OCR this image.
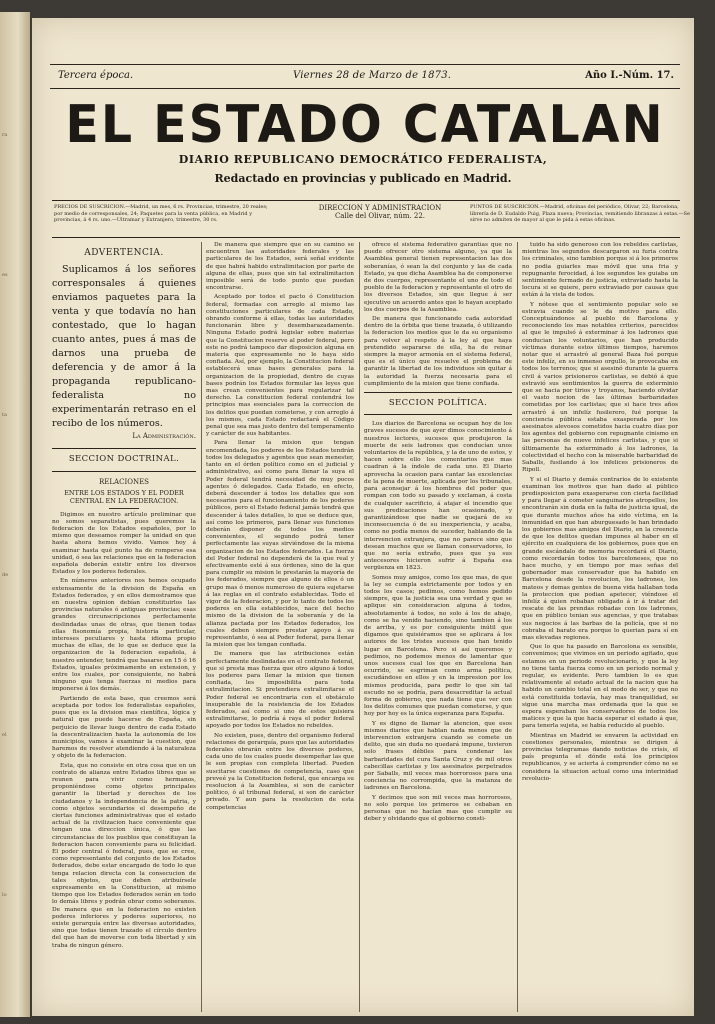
ra
es
ta
de
el
lo
Tercera época.	Viernes 28 de Marzo de 1873.	Año I.-Núm. 17.
EL ESTADO CATALAN
DIARIO REPUBLICANO DEMOCRÁTICO FEDERALISTA,
Redactado en provincias y publicado en Madrid.
PRECIOS DE SUSCRICION.—Madrid, un mes, 6 rs. Provincias, trimestre, 20 reales; por medio de corresponsales, 24; Paquetes para la venta pública, en Madrid y provincias, á 4 rs. uno.—Ultramar y Extranjero, trimestre, 30 rs.
DIRECCION Y ADMINISTRACION
Calle del Olivar, núm. 22.
PUNTOS DE SUSCRICION.—Madrid, oficinas del periódico, Olivar, 22; Barcelona, librería de D. Eudaldo Puig, Plaza nueva; Provincias, remitiendo libranzas á estas.—Se sirve no admiten de mayor al que le pida á estas oficinas.
ADVERTENCIA.

Suplicamos á los señores corresponsales á quienes enviamos paquetes para la venta y que todavía no han contestado, que lo hagan cuanto antes, pues á mas de darnos una prueba de deferencia y de amor á la propaganda republicano-federalista no experimentarán retraso en el recibo de los números.

La Administración.
SECCION DOCTRINAL.
RELACIONES
ENTRE LOS ESTADOS Y EL PODER CENTRAL EN LA FEDERACION.

Digimos en nuestro artículo preliminar que no somos separatistas, pues queremos la federacion de los Estados españoles, por lo mismo que deseamos romper la unidad en que hasta ahora hemos vivido. Vamos hoy á examinar hasta qué punto ha de romperse esa unidad, ó sea las relaciones que en la federacion española deberán existir entre los diversos Estados y los poderes federales.

En números anteriores nos hemos ocupado extensamente de la division de España en Estados federados, y en ellos demostramos que en nuestra opinion debían constituirlos las provincias naturales ó antiguas provincias; esas grandes circunscripciones perfectamente deslindadas unas de otras, que tienen todas ellas fisonomía propia, historia particular, intereses peculiares y hasta idioma propio muchas de ellas, de lo que se deduce que la organizacion de la federacion española, á nuestro entender, tendrá que basarse en 15 ó 16 Estados, iguales próximamente en extension, y entre los cuales, por consiguiente, no habrá ninguno que tenga fuerzas ni medios para imponerse á los demás.

Partiendo de esta base, que creemos será aceptada por todos los federalistas españoles, pues que es la division mas científica, lógica y natural que puede hacerse de España, sin perjuicio de llevar luego dentro de cada Estado la descentralizacion hasta la autonomía de los municipios, vamos á examinar la cuestion, que haremos de resolver atendiendo á la naturaleza y objeto de la federacion.

Esta, que no consiste en otra cosa que en un contrato de alianza entre Estados libres que se reunen para vivir como hermanos, proponiéndose como objetos principales garantir la libertad y derechos de los ciudadanos y la independencia de la patria, y como objetos secundarios el desempeño de ciertas funciones administrativas que el estado actual de la civilizacion hace conveniente que tengan una direccion única, ó que las circunstancias de los pueblos que constituyan la federacion hacen conveniente para su felicidad. El poder central ó federal, pues, que se cree, como representante del conjunto de los Estados federados, debe estar encargado de todo lo que tenga relacion directa con la consecucion de tales objetos, que deben atribuírsele expresamente en la Constitucion, al mismo tiempo que los Estados federados serán en todo lo demás libres y podrán obrar como soberanos. De manera que en la federacion no existen poderes inferiores y poderes superiores, no existe gerarquía entre las diversas autoridades, sino que todas tienen trazado el círculo dentro del que han de moverse con toda libertad y sin traba de ningun género.

De manera que siempre que en su camino se encuentren las autoridades federales y las particulares de los Estados, será señal evidente de que habrá habido extralimitacion por parte de alguna de ellas, pues que sin tal extralimitacion imposible será de todo punto que puedan encontrarse.

Aceptado por todos el pacto ó Constitucion federal, formadas con arreglo al mismo las constituciones particulares de cada Estado, obrando conforme á ellas, todas las autoridades funcionarán libre y desembarazadamente. Ninguna Estado podrá legislar sobre materias que la Constitucion reserve al poder federal, pero este no podrá tampoco dar disposicion alguna en materia que expresamente no le haya sido confiada. Así, por ejemplo, la Constitucion federal establecerá unas bases generales para la organizacion de la propiedad, dentro de cuyas bases podrán los Estados formular las leyes que mas crean convenientes para regularizar tal derecho. La constitucion federal contendrá los principios mas esenciales para la correccion de los delitos que puedan cometerse, y con arreglo á los mismos, cada Estado redactará el Código penal que sea mas justo dentro del temperamento y carácter de sus habitantes.

Para llenar la mision que tengan encomendada, los poderes de los Estados tendrán todos los delegados y agentes que sean menester, tanto en el órden político como en el judicial y administrativo, así como para llenar la suya el Poder federal tendrá necesidad de muy pocos agentes ó delegados. Cada Estado, en efecto, deberá descender á todos los detalles que son necesarios para el funcionamiento de los poderes públicos, pero el Estado federal jamás tendrá que descender á tales detalles, lo que se deduce que, así como los primeros, para llenar sus funciones deberán disponer de todos los medios convenientes, el segundo podrá tener perfectamente las suyas sirviéndose de la misma organizacion de los Estados federados. La fuerza del Poder federal no dependerá de la que real y efectivamente esté á sus órdenes, sino de la que para cumplir su mision le prestarán la mayoría de los federados, siempre que alguno de ellos ó un grupo mas ó menos numeroso de quiera sujetarse á las reglas en el contrato establecidas. Todo el vigor de la federacion, y por lo tanto de todos los poderes en ella establecidos, nace del hecho mismo de la division de la soberanía y de la alianza pactada por los Estados federados, los cuales deben siempre prestar apoyo á su representante, ó sea al Poder federal, para llenar la mision que les tengan confiada.

De manera que las atribuciones están perfectamente deslindadas en el contrato federal, que si presta mas fuerza que otro alguno á todos los poderes para llenar la mision que tienen confiada, les imposibilita para toda extralimitacion. Si pretendiera extralimitarse el Poder federal se encontraria con el obstáculo insuperable de la resistencia de los Estados federados, así como si uno de estos quisiera extralimitarse, lo podría á raya el poder federal apoyado por todos los Estados no rebeldes.

No existen, pues, dentro del organismo federal relaciones de gerarquía, pues que las autoridades federales obrarán entre los diversos poderes, cada uno de los cuales puede desempeñar las que le son propias con completa libertad. Pueden suscitarse cuestiones de competencia, caso que preveé ya la Constitucion federal, que encarga su resolucion á la Asamblea, si son de carácter político, ó al tribunal federal, si son de carácter privado. Y aun para la resolucion de esta competencias

ofrece el sistema federativo garantías que no puede ofrecer otro sistema alguno, ya que la Asamblea general tienen representacion las dos soberanías, ó sean la del conjunto y las de cada Estado, ya que dicha Asamblea ha de componerse de dos cuerpos, representante el uno de todo el pueblo de la federacion y representante el otro de los diversos Estados, sin que llegue á ser ejecutivo un acuerdo antes que lo hayan aceptado los dos cuerpos de la Asamblea.

De manera que funcionando cada autoridad dentro de la órbita que tiene trazada, ó utilizando la federacion los medios que le da su organismo para volver al respeto á la ley al que haya pretendido separarse de ella, ha de reinar siempre la mayor armonía en el sistema federal, que es el único que resuelve el problema de garantir la libertad de los individuos sin quitar á la autoridad la fuerza necesaria para el cumplimiento de la mision que tiene confiada.

SECCION POLÍTICA.

Los diarios de Barcelona se ocupan hoy de los graves sucesos de que ayer dimos conocimiento á nuestros lectores, sucesos que produjeron la muerte de seis ladrones que conducían unos voluntarios de la república, y la de uno de estos, y hacen sobre ello los comentarios que mas cuadran á la índole de cada uno. El Diario aprovecha la ocasion para cantar las excelencias de la pena de muerte, aplicada por los tribunales, para aconsejar á los hombres del poder que rompan con todo su pasado y exclaman, á costa de cualquier sacrificio, á atajar el incendio que sus predicaciones han ocasionado, y garantizándose que nadie se quejará de su inconsecuencia ó de su inexperiencia, y acaba, como no podía menos de suceder, hablando de la intervencion extranjera, que no parece sino que desean muchos que se llaman conservadores, lo que no sería extraño, pues que ya sus antecesores hicieron sufrir á España esa vergüenza en 1823.

Somos muy amigos, como los que mas, de que la ley se cumpla estrictamente por todos y en todos los casos; pedimos, como hemos pedido siempre, que la justicia sea una verdad y que se aplique sin consideracion alguna á todos, absolutamente á todos, no solo á los de abajo, como se ha venido haciendo, sino tambien á los de arriba, y es por consiguiente inútil que digamos que quisiéramos que se aplicara á los autores de los tristes sucesos que han tenido lugar en Barcelona. Pero si así queremos y pedimos, no podemos menos de lamentar que unos sucesos cual los que en Barcelona han ocurrido, se esgriman como arma política, escudándose en ellos y en la impresion por los mismos producida, para pedir lo que sin tal escudo no se podría, para desacreditar la actual forma de gobierno, que nada tiene que ver con los delitos comunes que puedan cometerse, y que hoy por hoy es la única esperanza para España.

Y es digno de llamar la atencion, que esos mismos diarios que hablan nada menos que de intervencion extranjera cuando se comete un delito, que sin duda no quedará impune, tuvieron solo frases débiles para condenar las barbaridades del cura Santa Cruz y de mil otros cabecillas carlistas y los asesinatos perpetrados por Saballs, mil veces mas horrorosos para una conciencia no corrompida, que la matanza de ladrones en Barcelona.

Y decimos que son mil veces mas horrorosos, no solo porque los primeros se cebaban en personas que no hacían mas que cumplir su deber y olvidando que el gobierno consti-

tuido ha sido generoso con los rebeldes carlistas, mientras los segundos descargaron su furia contra los criminales, sino tambien porque si á los primeros no podia guiarles mas móvil que una fria y repugnante ferocidad, á los segundos les guiaba un sentimiento fermado de justicia, extraviado hasta la locura si se quiere, pero extraviado por causas que están á la vista de todos.

Y nótese que el sentimiento popular solo se estravia cuando se le da motivo para ello. Conceptuándonos al pueblo de Barcelona y reconociendo los mas notables criterios, parecidos al que le impulsó á exterminar á los ladrones que conducian los voluntarios, que han producido víctimas durante estos últimos tiempos, haremos notar que si arrastró al general Baza fué porque este infelíz, en su inmenso orgullo, le provocaba en todos los terrenos; que si asesinó durante la guerra civil á varios prisioneros carlistas, se debió á que estravió sus sentimientos la guerra de exterminio que se hacia por tirios y troyanos, haciendo olvidar el vasto nocion de las últimas barbaridades cometidas por los carlistas; que si hace tres años arrastró á un infelíz fusilerero, fué porque la conciencia pública estaba exasperada por los asesinatos alevosos cometidos hacia cuatro días por los agentes del gobierno con repugnante cinismo en las personas de nueve infelices carlistas, y que si últimamente ha exterminado á los ladrones, la colectividad el hecho con la miserable barbaridad de Saballs, fusilando á los infelices prisioneros de Ripoll.

Y si el Diario y demás contrarios de lo existente examinan los motivos que han dado al público predisposicion para exasperarse con cierta facilidad y para llegar á cometer sanguinarios atropellos, los encontrarán sin duda en la falta de justicia igual, de que durante muchos años ha sido víctima, en la inmunidad en que han aburguesado le han brindado los gobiernos mas amigos del Diario, en la creencia de que los delitos quedan impunes al haber en el ejército en cualquiera de los gobiernos, pues que en grande escándalo de memoria recordará el Diario, como recordarán todos los barceloneses, que no hace mucho, y en tiempo por mas señas del gobernador mas conservador que ha habido en Barcelona desde la revolucion, los ladrones, los mateos y demas gentes de buena vida hallaban toda la proteccion que podian apetecer, viéndose el infelíz á quien robaban obligado á ir á tratar del rescate de las prendas robadas con los ladrones, que en público tenian sus agencias, y que tratabas sus negocios á las barbas de la policía, que si no cobraba el barato era porque lo querian para sí en mas elevadas regiones.

Que lo que ha pasado en Barcelona es sensible, convenimos; que vivimos en un periodo agitado, que estamos en un periodo revolucionario, y que la ley no tiene tanta fuerza como en un periodo normal y regular, es evidente. Pero tambien lo es que relativamente al estado actual de la nacion que ha habido un cambio total en el modo de ser, y que no está constituida todavía, hay mas tranquilidad, se sigue una marcha mas ordenada que la que se espera esperaban los conservadores de todos los matices y que la que hacia esperar el estado á que, para tenerla sujeta, se había reducido al pueblo.

Mientras en Madrid se envaren la actividad en cuestiones personales, mientras se dirigen á provincias telegramas dando noticias de crísis, el país pregunta el dónde está los principios republicanos, y se acierta á comprender cómo no se considera la situacion actual como una interinidad revolucio-
